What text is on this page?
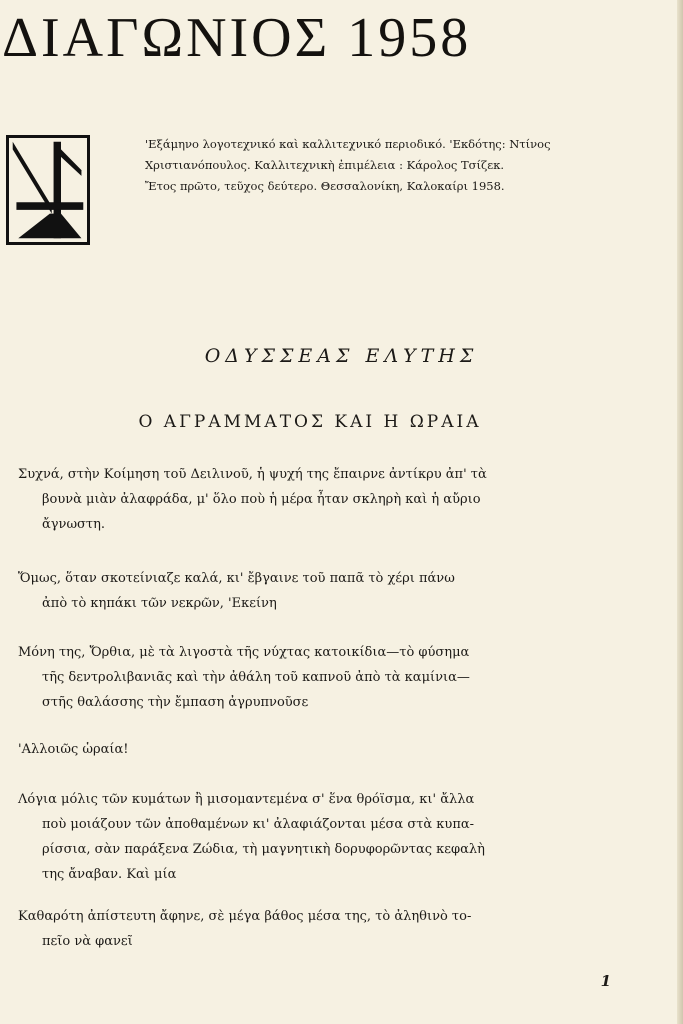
ΔΙΑΓΩΝΙΟΣ 1958
'Εξάμηνο λογοτεχνικό καὶ καλλιτεχνικό περιοδικό. 'Εκδότης: Ντίνος
Χριστιανόπουλος. Καλλιτεχνικὴ ἐπιμέλεια : Κάρολος Τσίζεκ.
Ἔτος πρῶτο, τεῦχος δεύτερο. Θεσσαλονίκη, Καλοκαίρι 1958.
ΟΔΥΣΣΕΑΣ ΕΛΥΤΗΣ
Ο ΑΓΡΑΜΜΑΤΟΣ ΚΑΙ Η ΩΡΑΙΑ
Συχνά, στὴν Κοίμηση τοῦ Δειλινοῦ, ἡ ψυχή της ἔπαιρνε ἀντίκρυ ἀπ' τὰ
βουνὰ μιὰν ἀλαφράδα, μ' ὅλο ποὺ ἡ μέρα ἦταν σκληρὴ καὶ ἡ αὔριο
ἄγνωστη.
Ὅμως, ὅταν σκοτείνιαζε καλά, κι' ἔβγαινε τοῦ παπᾶ τὸ χέρι πάνω
ἀπὸ τὸ κηπάκι τῶν νεκρῶν, 'Εκείνη
Μόνη της, Ὄρθια, μὲ τὰ λιγοστὰ τῆς νύχτας κατοικίδια—τὸ φύσημα
τῆς δεντρολιβανιᾶς καὶ τὴν ἀθάλη τοῦ καπνοῦ ἀπὸ τὰ καμίνια—
στῆς θαλάσσης τὴν ἔμπαση ἀγρυπνοῦσε
'Αλλοιῶς ὡραία!
Λόγια μόλις τῶν κυμάτων ἢ μισομαντεμένα σ' ἕνα θρόϊσμα, κι' ἄλλα
ποὺ μοιάζουν τῶν ἀποθαμένων κι' ἀλαφιάζονται μέσα στὰ κυπα-
ρίσσια, σὰν παράξενα Ζώδια, τὴ μαγνητικὴ δορυφορῶντας κεφαλὴ
της ἄναβαν. Καὶ μία
Καθαρότη ἀπίστευτη ἄφηνε, σὲ μέγα βάθος μέσα της, τὸ ἀληθινὸ το-
πεῖο νὰ φανεῖ
1
